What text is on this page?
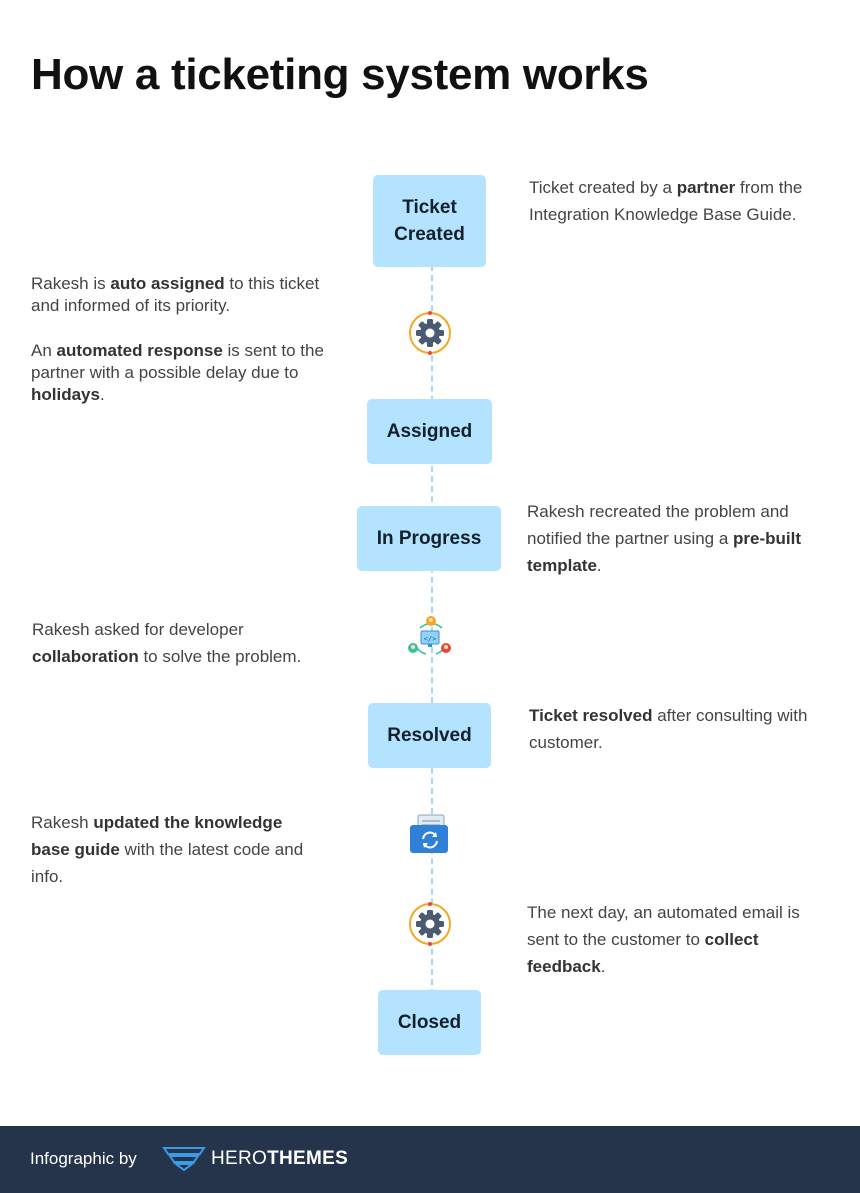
How a ticketing system works
Ticket
Created
Assigned
In Progress
Resolved
Closed
</>

Ticket created by a partner from the Integration Knowledge Base Guide.

Rakesh is auto assigned to this ticket and informed of its priority.

An automated response is sent to the partner with a possible delay due to holidays.

Rakesh recreated the problem and notified the partner using a pre-built template.

Rakesh asked for developer collaboration to solve the problem.

Ticket resolved after consulting with customer.

Rakesh updated the knowledge base guide with the latest code and info.

The next day, an automated email is sent to the customer to collect feedback.

Infographic by	HEROTHEMES
